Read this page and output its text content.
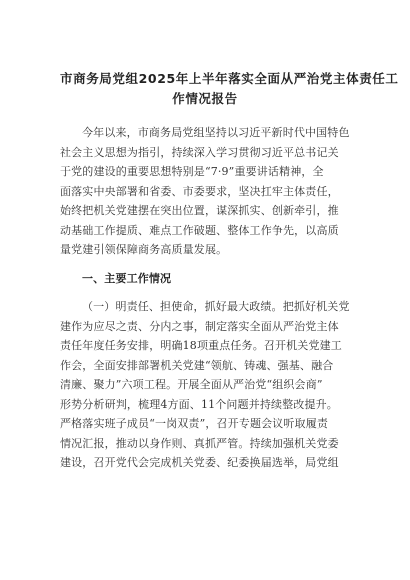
市商务局党组2025年上半年落实全面从严治党主体责任工
作情况报告
今年以来，市商务局党组坚持以习近平新时代中国特色
社会主义思想为指引，持续深入学习贯彻习近平总书记关
于党的建设的重要思想特别是“7·9”重要讲话精神，全
面落实中央部署和省委、市委要求，坚决扛牢主体责任，
始终把机关党建摆在突出位置，谋深抓实、创新牵引，推
动基础工作提质、难点工作破题、整体工作争先，以高质
量党建引领保障商务高质量发展。
一、主要工作情况
（一）明责任、担使命，抓好最大政绩。把抓好机关党
建作为应尽之责、分内之事，制定落实全面从严治党主体
责任年度任务安排，明确18项重点任务。召开机关党建工
作会，全面安排部署机关党建“领航、铸魂、强基、融合
清廉、聚力”六项工程。开展全面从严治党“组织会商”
形势分析研判，梳理4方面、11个问题并持续整改提升。
严格落实班子成员“一岗双责”，召开专题会议听取履责
情况汇报，推动以身作则、真抓严管。持续加强机关党委
建设，召开党代会完成机关党委、纪委换届选举，局党组
